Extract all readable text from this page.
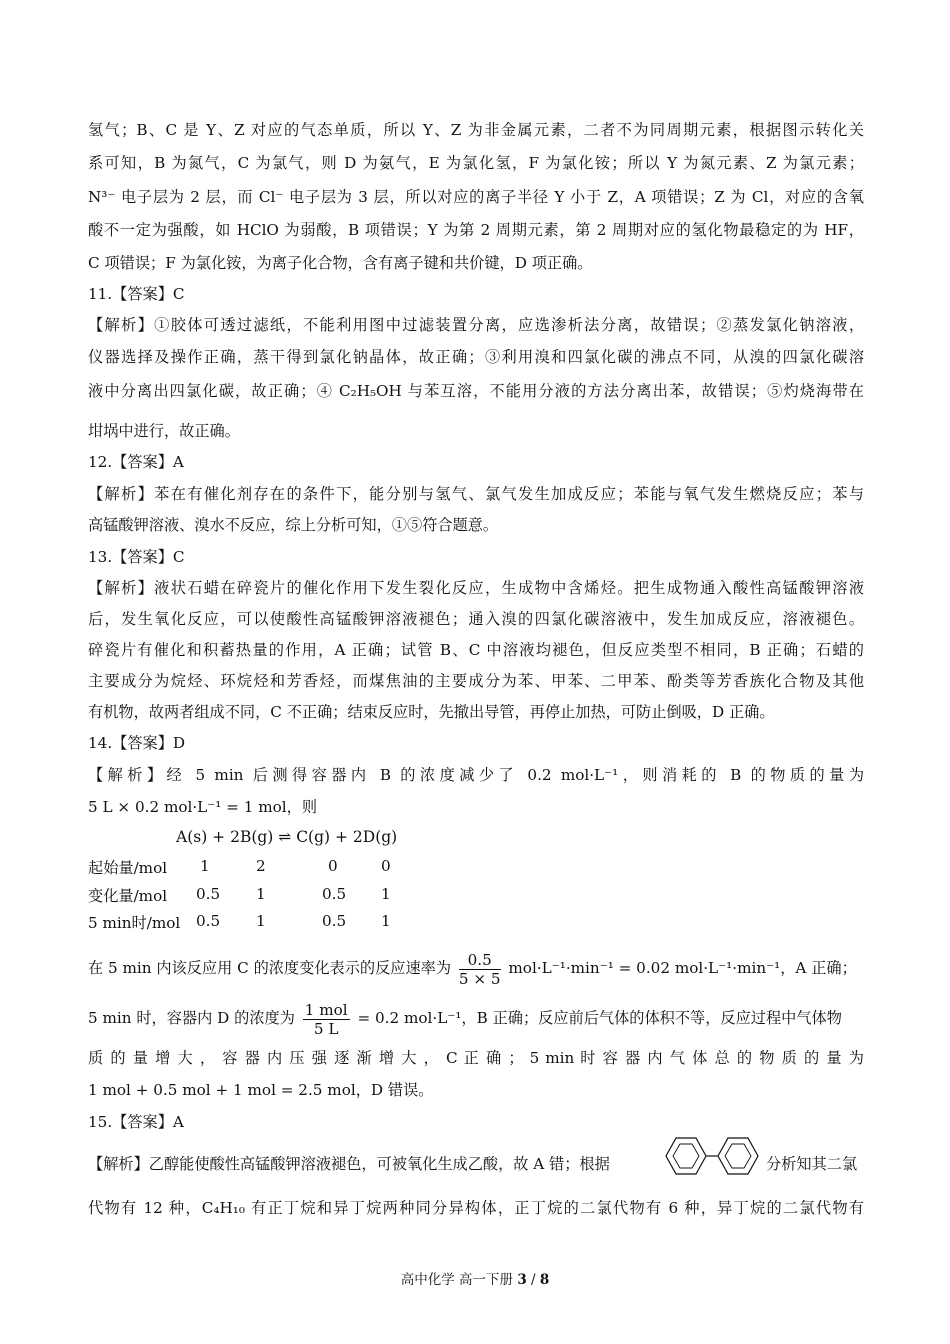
氢气；B、C 是 Y、Z 对应的气态单质，所以 Y、Z 为非金属元素，二者不为同周期元素，根据图示转化关
系可知，B 为氮气，C 为氯气，则 D 为氨气，E 为氯化氢，F 为氯化铵；所以 Y 为氮元素、Z 为氯元素；
N³⁻ 电子层为 2 层，而 Cl⁻ 电子层为 3 层，所以对应的离子半径 Y 小于 Z，A 项错误；Z 为 Cl，对应的含氧
酸不一定为强酸，如 HClO 为弱酸，B 项错误；Y 为第 2 周期元素，第 2 周期对应的氢化物最稳定的为 HF，
C 项错误；F 为氯化铵，为离子化合物，含有离子键和共价键，D 项正确。
11.【答案】C
【解析】①胶体可透过滤纸，不能利用图中过滤装置分离，应选渗析法分离，故错误；②蒸发氯化钠溶液，
仪器选择及操作正确，蒸干得到氯化钠晶体，故正确；③利用溴和四氯化碳的沸点不同，从溴的四氯化碳溶
液中分离出四氯化碳，故正确；④ C₂H₅OH 与苯互溶，不能用分液的方法分离出苯，故错误；⑤灼烧海带在
坩埚中进行，故正确。
12.【答案】A
【解析】苯在有催化剂存在的条件下，能分别与氢气、氯气发生加成反应；苯能与氧气发生燃烧反应；苯与
高锰酸钾溶液、溴水不反应，综上分析可知，①⑤符合题意。
13.【答案】C
【解析】液状石蜡在碎瓷片的催化作用下发生裂化反应，生成物中含烯烃。把生成物通入酸性高锰酸钾溶液
后，发生氧化反应，可以使酸性高锰酸钾溶液褪色；通入溴的四氯化碳溶液中，发生加成反应，溶液褪色。
碎瓷片有催化和积蓄热量的作用，A 正确；试管 B、C 中溶液均褪色，但反应类型不相同，B 正确；石蜡的
主要成分为烷烃、环烷烃和芳香烃，而煤焦油的主要成分为苯、甲苯、二甲苯、酚类等芳香族化合物及其他
有机物，故两者组成不同，C 不正确；结束反应时，先撤出导管，再停止加热，可防止倒吸，D 正确。
14.【答案】D
【解析】经 5 min 后测得容器内 B 的浓度减少了 0.2 mol·L⁻¹，则消耗的 B 的物质的量为
5 L × 0.2 mol·L⁻¹ = 1 mol，则
A(s) + 2B(g) ⇌ C(g) + 2D(g)
起始量/mol 1	2	0	0
变化量/mol 0.5 1	0.5 1
5 min时/mol 0.5 1	0.5 1
在 5 min 内该反应用 C 的浓度变化表示的反应速率为 $\frac{0.5}{5 \times 5} mol\cdot L^{-1}\cdot\min^{-1} = 0.02$ mol·L⁻¹·min⁻¹，A 正确；
5 min 时，容器内 D 的浓度为 $\frac{\text{1 mol}}{5 L} = 0.2$ mol·L⁻¹，B 正确；反应前后气体的体积不等，反应过程中气体物
质 的 量 增 大 ， 容 器 内 压 强 逐 渐 增 大 ， C 正 确 ； 5 min 时 容 器 内 气 体 总 的 物 质 的 量 为
1 mol + 0.5 mol + 1 mol = 2.5 mol，D 错误。
15.【答案】A
【解析】乙醇能使酸性高锰酸钾溶液褪色，可被氧化生成乙酸，故 A 错；根据	分析知其二氯
代物有 12 种，C₄H₁₀ 有正丁烷和异丁烷两种同分异构体，正丁烷的二氯代物有 6 种，异丁烷的二氯代物有
高中化学 高一下册 3 / 8
